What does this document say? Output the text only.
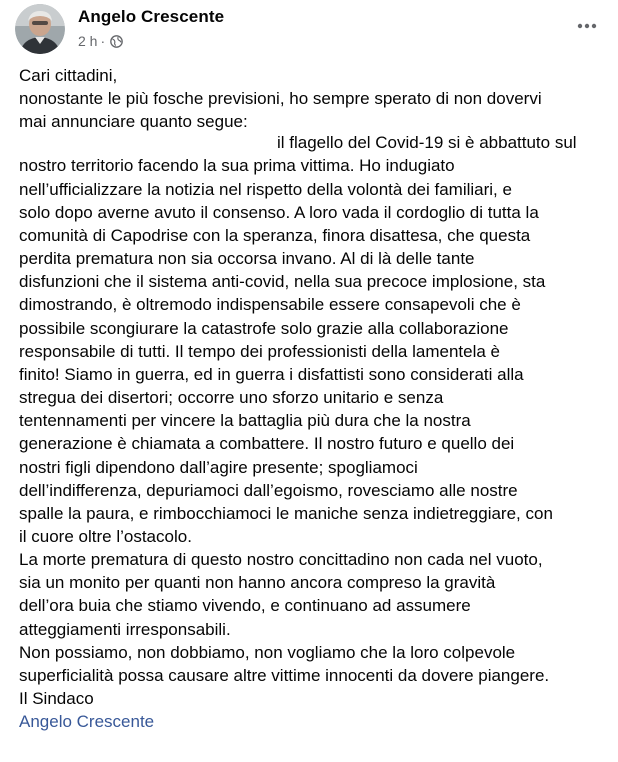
Angelo Crescente
2 h ·
Cari cittadini,
nonostante le più fosche previsioni, ho sempre sperato di non dovervi
mai annunciare quanto segue:
il flagello del Covid-19 si è abbattuto sul
nostro territorio facendo la sua prima vittima. Ho indugiato
nell’ufficializzare la notizia nel rispetto della volontà dei familiari, e
solo dopo averne avuto il consenso. A loro vada il cordoglio di tutta la
comunità di Capodrise con la speranza, finora disattesa, che questa
perdita prematura non sia occorsa invano. Al di là delle tante
disfunzioni che il sistema anti-covid, nella sua precoce implosione, sta
dimostrando, è oltremodo indispensabile essere consapevoli che è
possibile scongiurare la catastrofe solo grazie alla collaborazione
responsabile di tutti. Il tempo dei professionisti della lamentela è
finito! Siamo in guerra, ed in guerra i disfattisti sono considerati alla
stregua dei disertori; occorre uno sforzo unitario e senza
tentennamenti per vincere la battaglia più dura che la nostra
generazione è chiamata a combattere. Il nostro futuro e quello dei
nostri figli dipendono dall’agire presente; spogliamoci
dell’indifferenza, depuriamoci dall’egoismo, rovesciamo alle nostre
spalle la paura, e rimbocchiamoci le maniche senza indietreggiare, con
il cuore oltre l’ostacolo.
La morte prematura di questo nostro concittadino non cada nel vuoto,
sia un monito per quanti non hanno ancora compreso la gravità
dell’ora buia che stiamo vivendo, e continuano ad assumere
atteggiamenti irresponsabili.
Non possiamo, non dobbiamo, non vogliamo che la loro colpevole
superficialità possa causare altre vittime innocenti da dovere piangere.
Il Sindaco
Angelo Crescente
